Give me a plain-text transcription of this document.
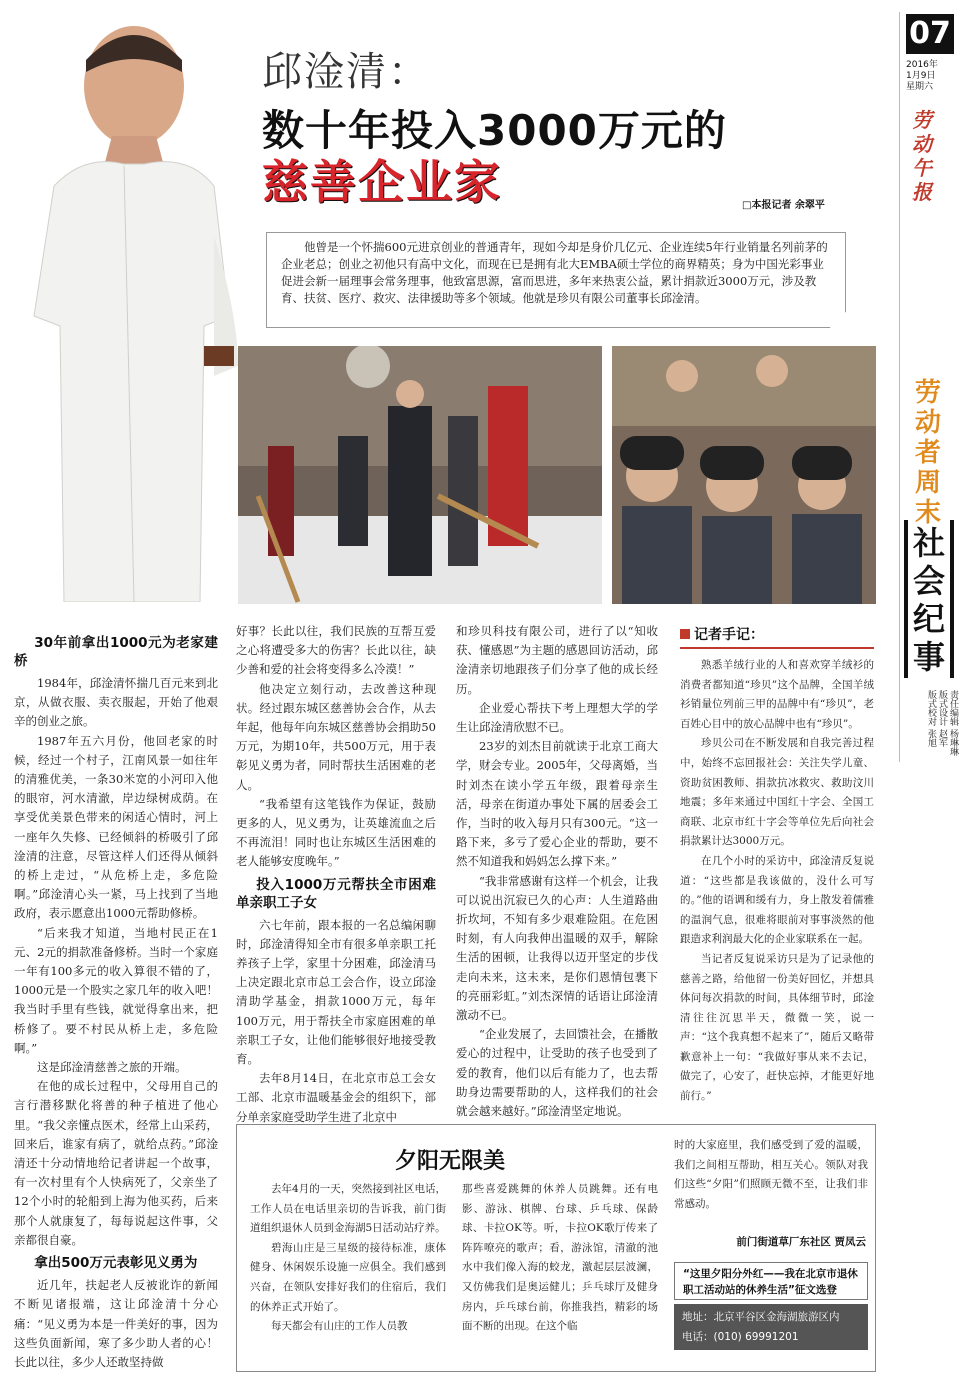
07
2016年
1月9日
星期六
劳动午报
劳动者周末
社会纪事
责任编辑 杨琳琳
版式设计 赵军
版式校对 张旭
邱淦清：
数十年投入3000万元的
慈善企业家	□本报记者 余翠平
他曾是一个怀揣600元进京创业的普通青年，现如今却是身价几亿元、企业连续5年行业销量名列前茅的企业老总；创业之初他只有高中文化，而现在已是拥有北大EMBA硕士学位的商界精英；身为中国光彩事业促进会新一届理事会常务理事，他致富思源，富而思进，多年来热衷公益，累计捐款近3000万元，涉及教育、扶贫、医疗、救灾、法律援助等多个领域。他就是珍贝有限公司董事长邱淦清。
30年前拿出1000元为老家建桥

1984年，邱淦清怀揣几百元来到北京，从做衣服、卖衣服起，开始了他艰辛的创业之旅。

1987年五六月份，他回老家的时候，经过一个村子，江南风景一如往年的清雅优美，一条30米宽的小河印入他的眼帘，河水清澈，岸边绿树成荫。在享受优美景色带来的闲适心情时，河上一座年久失修、已经倾斜的桥吸引了邱淦清的注意，尽管这样人们还得从倾斜的桥上走过，“从危桥上走，多危险啊。”邱淦清心头一紧，马上找到了当地政府，表示愿意出1000元帮助修桥。

“后来我才知道，当地村民正在1元、2元的捐款准备修桥。当时一个家庭一年有100多元的收入算很不错的了，1000元是一个股实之家几年的收入吧！我当时手里有些钱，就觉得拿出来，把桥修了。要不村民从桥上走，多危险啊。”

这是邱淦清慈善之旅的开端。

在他的成长过程中，父母用自己的言行潜移默化将善的种子植进了他心里。“我父亲懂点医术，经常上山采药，回来后，谁家有病了，就给点药。”邱淦清还十分动情地给记者讲起一个故事，有一次村里有个人快病死了，父亲坐了12个小时的轮船到上海为他买药，后来那个人就康复了，每每说起这件事，父亲都很自豪。

拿出500万元表彰见义勇为

近几年，扶起老人反被讹诈的新闻不断见诸报端，这让邱淦清十分心痛：“见义勇为本是一件美好的事，因为这些负面新闻，寒了多少助人者的心！长此以往，多少人还敢坚持做

好事？长此以往，我们民族的互帮互爱之心将遭受多大的伤害？长此以往，缺少善和爱的社会将变得多么冷漠！”

他决定立刻行动，去改善这种现状。经过跟东城区慈善协会合作，从去年起，他每年向东城区慈善协会捐助50万元，为期10年，共500万元，用于表彰见义勇为者，同时帮扶生活困难的老人。

“我希望有这笔钱作为保证，鼓励更多的人，见义勇为，让英雄流血之后不再流泪！同时也让东城区生活困难的老人能够安度晚年。”

投入1000万元帮扶全市困难单亲职工子女

六七年前，跟本报的一名总编闲聊时，邱淦清得知全市有很多单亲职工托养孩子上学，家里十分困难，邱淦清马上决定跟北京市总工会合作，设立邱淦清助学基金，捐款1000万元，每年100万元，用于帮扶全市家庭困难的单亲职工子女，让他们能够很好地接受教育。

去年8月14日，在北京市总工会女工部、北京市温暖基金会的组织下，部分单亲家庭受助学生进了北京中

和珍贝科技有限公司，进行了以“知收获、懂感恩”为主题的感恩回访活动，邱淦清亲切地跟孩子们分享了他的成长经历。

企业爱心帮扶下考上理想大学的学生让邱淦清欣慰不已。

23岁的刘杰目前就读于北京工商大学，财会专业。2005年，父母离婚，当时刘杰在读小学五年级，跟着母亲生活，母亲在街道办事处下属的居委会工作，当时的收入每月只有300元。“这一路下来，多亏了爱心企业的帮助，要不然不知道我和妈妈怎么撑下来。”

“我非常感谢有这样一个机会，让我可以说出沉寂已久的心声：人生道路曲折坎坷，不知有多少艰难险阻。在危困时刻，有人向我伸出温暖的双手，解除生活的困顿，让我得以迈开坚定的步伐走向未来，这未来，是你们恩情包裹下的亮丽彩虹。”刘杰深情的话语让邱淦清激动不已。

“企业发展了，去回馈社会，在播散爱心的过程中，让受助的孩子也受到了爱的教育，他们以后有能力了，也去帮助身边需要帮助的人，这样我们的社会就会越来越好。”邱淦清坚定地说。

记者手记：

熟悉羊绒行业的人和喜欢穿羊绒衫的消费者都知道“珍贝”这个品牌，全国羊绒衫销量位列前三甲的品牌中有“珍贝”，老百姓心目中的放心品牌中也有“珍贝”。

珍贝公司在不断发展和自我完善过程中，始终不忘回报社会：关注失学儿童、资助贫困教师、捐款抗冰救灾、救助汶川地震；多年来通过中国红十字会、全国工商联、北京市红十字会等单位先后向社会捐款累计达3000万元。

在几个小时的采访中，邱淦清反复说道：“这些都是我该做的，没什么可写的。”他的语调和缓有力，身上散发着儒雅的温润气息，很难将眼前对事事淡然的他跟造求利润最大化的企业家联系在一起。

当记者反复说采访只是为了记录他的慈善之路，给他留一份美好回忆，并想具体问每次捐款的时间，具体细节时，邱淦清往往沉思半天，微微一笑，说一声：“这个我真想不起来了”，随后又略带歉意补上一句：“我做好事从来不去记，做完了，心安了，赶快忘掉，才能更好地前行。”

夕阳无限美

去年4月的一天，突然接到社区电话，工作人员在电话里亲切的告诉我，前门街道组织退休人员到金海湖5日活动站疗养。

碧海山庄是三星级的接待标准，康体健身、休闲娱乐设施一应俱全。我们感到兴奋，在领队安排好我们的住宿后，我们的休养正式开始了。

每天都会有山庄的工作人员教

那些喜爱跳舞的休养人员跳舞。还有电影、游泳、棋牌、台球、乒乓球、保龄球、卡拉OK等。听，卡拉OK歌厅传来了阵阵嘹亮的歌声；看，游泳馆，清澈的池水中我们像入海的蛟龙，激起层层波澜，又仿佛我们是奥运健儿；乒乓球厅及健身房内，乒乓球台前，你推我挡，精彩的场面不断的出现。在这个临

时的大家庭里，我们感受到了爱的温暖，我们之间相互帮助，相互关心。领队对我们这些“夕阳”们照顾无微不至，让我们非常感动。

前门街道草厂东社区 贾凤云
“这里夕阳分外红——我在北京市退休职工活动站的休养生活”征文选登
地址：北京平谷区金海湖旅游区内
电话：(010) 69991201
